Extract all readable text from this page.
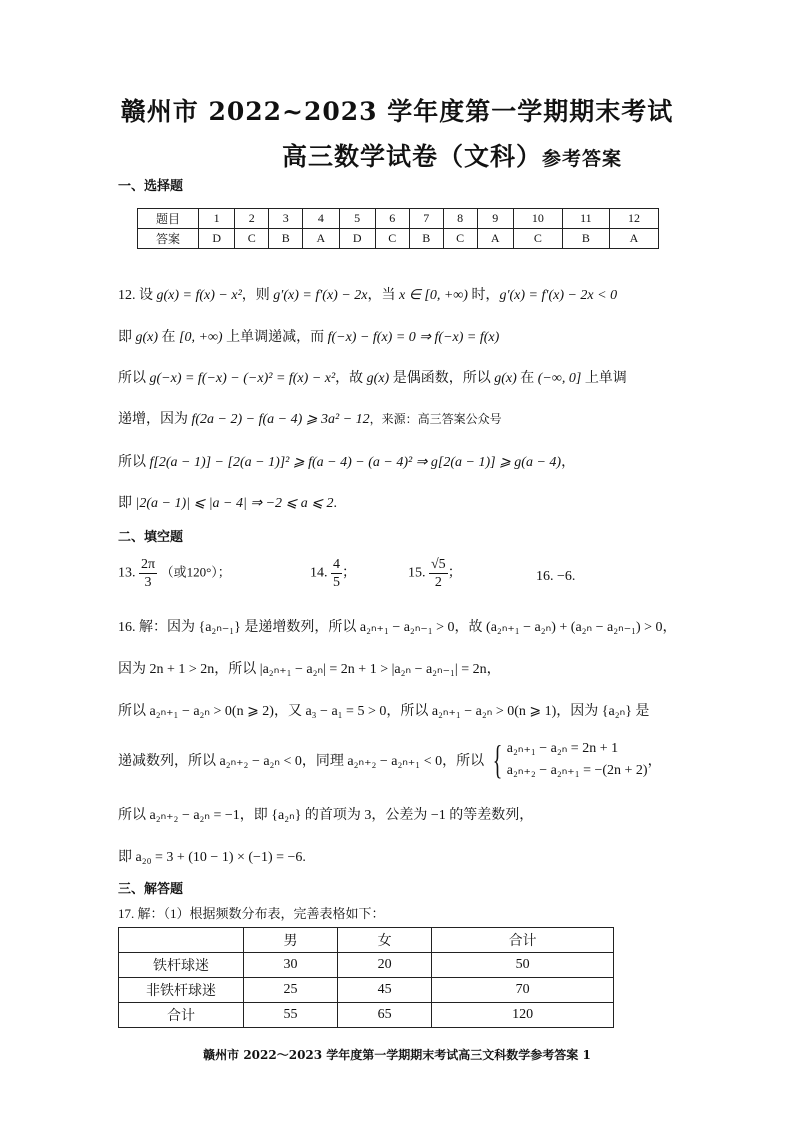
赣州市 2022~2023 学年度第一学期期末考试
高三数学试卷（文科）参考答案
一、选择题
题目	1	2	3	4	5	6	7	8	9	10	11	12
答案	D	C	B	A	D	C	B	C	A	C	B	A
12. 设 g(x) = f(x) − x²，则 g′(x) = f′(x) − 2x，当 x ∈ [0, +∞) 时，g′(x) = f′(x) − 2x < 0
即 g(x) 在 [0, +∞) 上单调递减，而 f(−x) − f(x) = 0 ⇒ f(−x) = f(x)
所以 g(−x) = f(−x) − (−x)² = f(x) − x²，故 g(x) 是偶函数，所以 g(x) 在 (−∞, 0] 上单调
递增，因为 f(2a − 2) − f(a − 4) ⩾ 3a² − 12，来源：高三答案公众号
所以 f[2(a − 1)] − [2(a − 1)]² ⩾ f(a − 4) − (a − 4)² ⇒ g[2(a − 1)] ⩾ g(a − 4)，
即 |2(a − 1)| ⩽ |a − 4| ⇒ −2 ⩽ a ⩽ 2.
二、填空题
13. $\frac{2\pi}{3}$ （或120°）；	14. $\frac{4}{5}$ ；	15. $\frac{√5}{2}$ ；	16. −6.
16. 解：因为 {a₂ₙ₋₁} 是递增数列，所以 a₂ₙ₊₁ − a₂ₙ₋₁ > 0，故 (a₂ₙ₊₁ − a₂ₙ) + (a₂ₙ − a₂ₙ₋₁) > 0，
因为 2n + 1 > 2n，所以 |a₂ₙ₊₁ − a₂ₙ| = 2n + 1 > |a₂ₙ − a₂ₙ₋₁| = 2n，
所以 a₂ₙ₊₁ − a₂ₙ > 0(n ⩾ 2)，又 a₃ − a₁ = 5 > 0，所以 a₂ₙ₊₁ − a₂ₙ > 0(n ⩾ 1)，因为 {a₂ₙ} 是
递减数列，所以 a₂ₙ₊₂ − a₂ₙ < 0，同理 a₂ₙ₊₂ − a₂ₙ₊₁ < 0，所以 { a₂ₙ₊₁ − a₂ₙ = 2n + 1
a₂ₙ₊₂ − a₂ₙ₊₁ = −(2n + 2)
，
所以 a₂ₙ₊₂ − a₂ₙ = −1，即 {a₂ₙ} 的首项为 3，公差为 −1 的等差数列，
即 a₂₀ = 3 + (10 − 1) × (−1) = −6.
三、解答题
17. 解：（1）根据频数分布表，完善表格如下：
	男	女	合计
铁杆球迷	30	20	50
非铁杆球迷	25	45	70
合计	55	65	120
赣州市 2022～2023 学年度第一学期期末考试高三文科数学参考答案 1
